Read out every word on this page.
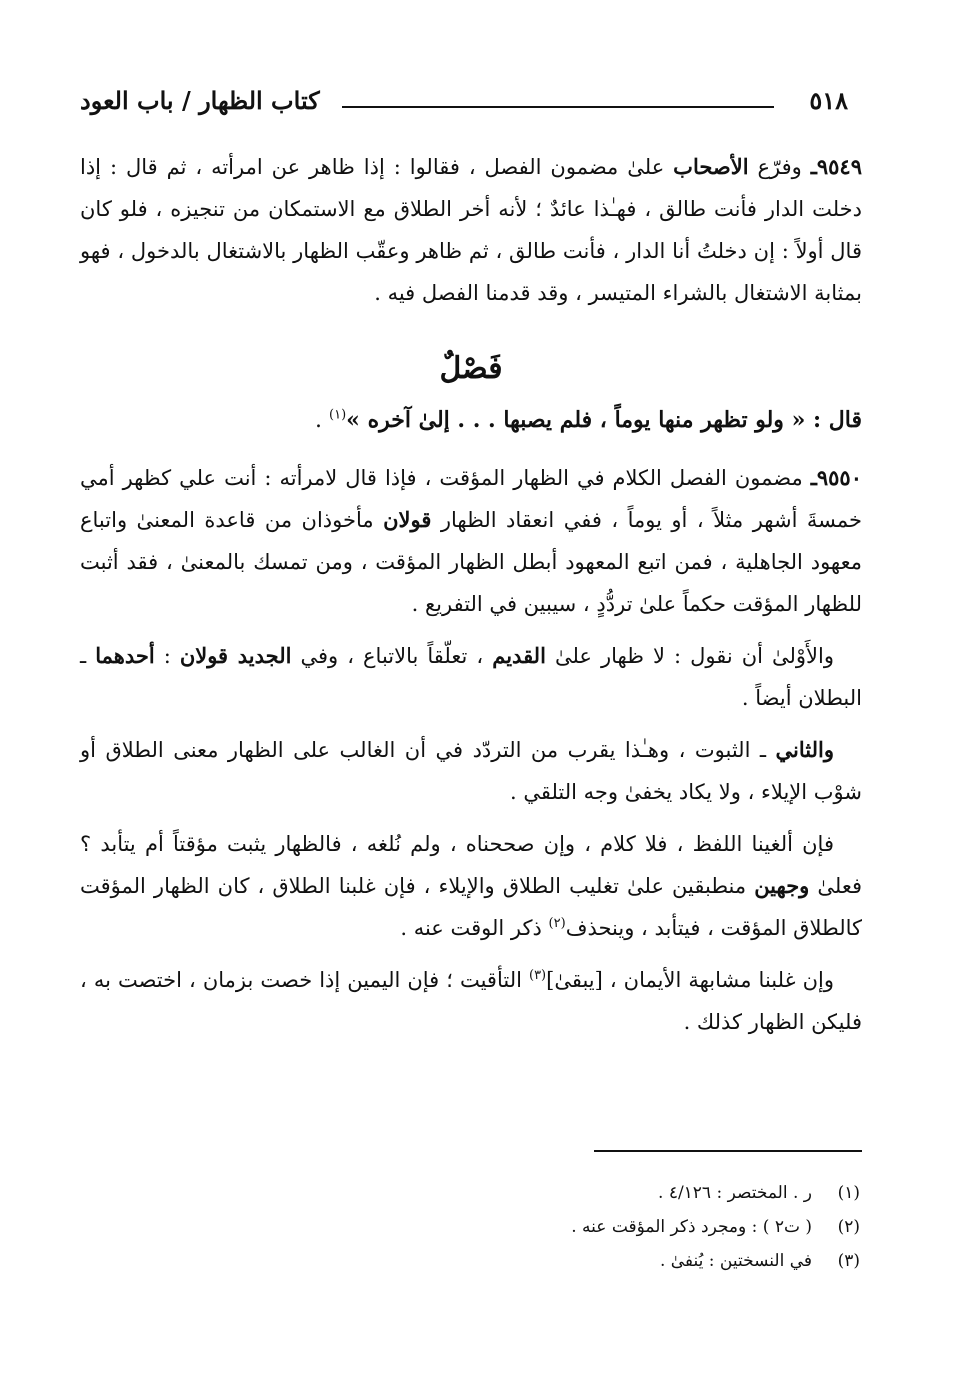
كتاب الظهار / باب العود	٥١٨

٩٥٤٩ـ وفرّع الأصحاب علىٰ مضمون الفصل ، فقالوا : إذا ظاهر عن امرأته ، ثم قال : إذا دخلت الدار فأنت طالق ، فهـٰذا عائدٌ ؛ لأنه أخر الطلاق مع الاستمكان من تنجيزه ، فلو كان قال أولاً : إن دخلتُ أنا الدار ، فأنت طالق ، ثم ظاهر وعقّب الظهار بالاشتغال بالدخول ، فهو بمثابة الاشتغال بالشراء المتيسر ، وقد قدمنا الفصل فيه .

فَصْلٌ

قال : « ولو تظهر منها يوماً ، فلم يصبها . . . إلىٰ آخره »$^{(١)}$ .

٩٥٥٠ـ مضمون الفصل الكلام في الظهار المؤقت ، فإذا قال لامرأته : أنت علي كظهر أمي خمسةَ أشهر مثلاً ، أو يوماً ، ففي انعقاد الظهار قولان مأخوذان من قاعدة المعنىٰ واتباع معهود الجاهلية ، فمن اتبع المعهود أبطل الظهار المؤقت ، ومن تمسك بالمعنىٰ ، فقد أثبت للظهار المؤقت حكماً علىٰ تردُّدٍ ، سيبين في التفريع .

والأَوْلىٰ أن نقول : لا ظهار علىٰ القديم ، تعلّقاً بالاتباع ، وفي الجديد قولان : أحدهما ـ البطلان أيضاً .

والثاني ـ الثبوت ، وهـٰذا يقرب من التردّد في أن الغالب على الظهار معنى الطلاق أو شوْب الإيلاء ، ولا يكاد يخفىٰ وجه التلقي .

فإن ألغينا اللفظ ، فلا كلام ، وإن صححناه ، ولم نُلغه ، فالظهار يثبت مؤقتاً أم يتأبد ؟ فعلىٰ وجهين منطبقين علىٰ تغليب الطلاق والإيلاء ، فإن غلبنا الطلاق ، كان الظهار المؤقت كالطلاق المؤقت ، فيتأبد ، وينحذف$^{(٢)}$ ذكر الوقت عنه .

وإن غلبنا مشابهة الأيمان ، [يبقىٰ]$^{(٣)}$ التأقيت ؛ فإن اليمين إذا خصت بزمان ، اختصت به ، فليكن الظهار كذلك .

(١)
ر . المختصر : ٤/١٢٦ .
(٢)
( ت٢ ) : ومجرد ذكر المؤقت عنه .
(٣)
في النسختين : يُنفىٰ .
